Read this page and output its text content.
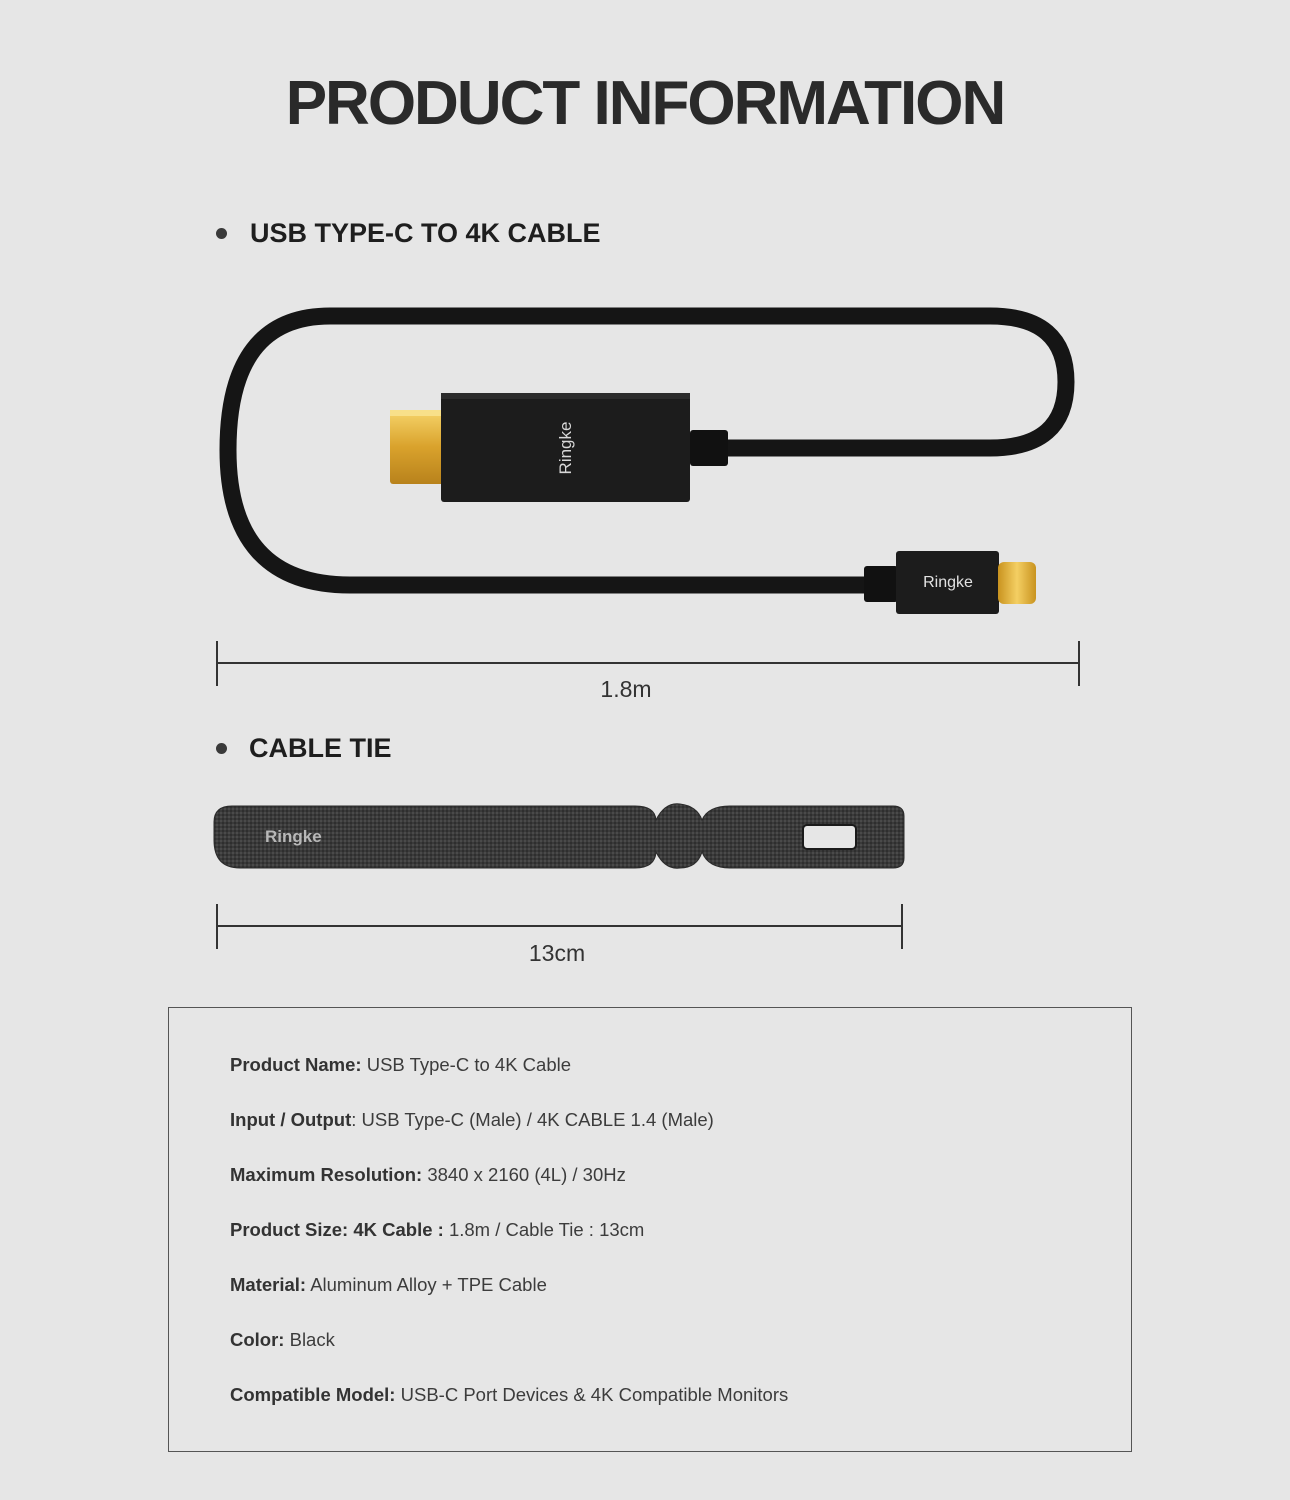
PRODUCT INFORMATION
USB TYPE-C TO 4K CABLE
Ringke
Ringke
1.8m
CABLE TIE
Ringke
13cm
Product Name: USB Type-C to 4K Cable
Input / Output: USB Type-C (Male) / 4K CABLE 1.4 (Male)
Maximum Resolution: 3840 x 2160 (4L) / 30Hz
Product Size: 4K Cable : 1.8m / Cable Tie : 13cm
Material: Aluminum Alloy + TPE Cable
Color: Black
Compatible Model: USB-C Port Devices & 4K Compatible Monitors
